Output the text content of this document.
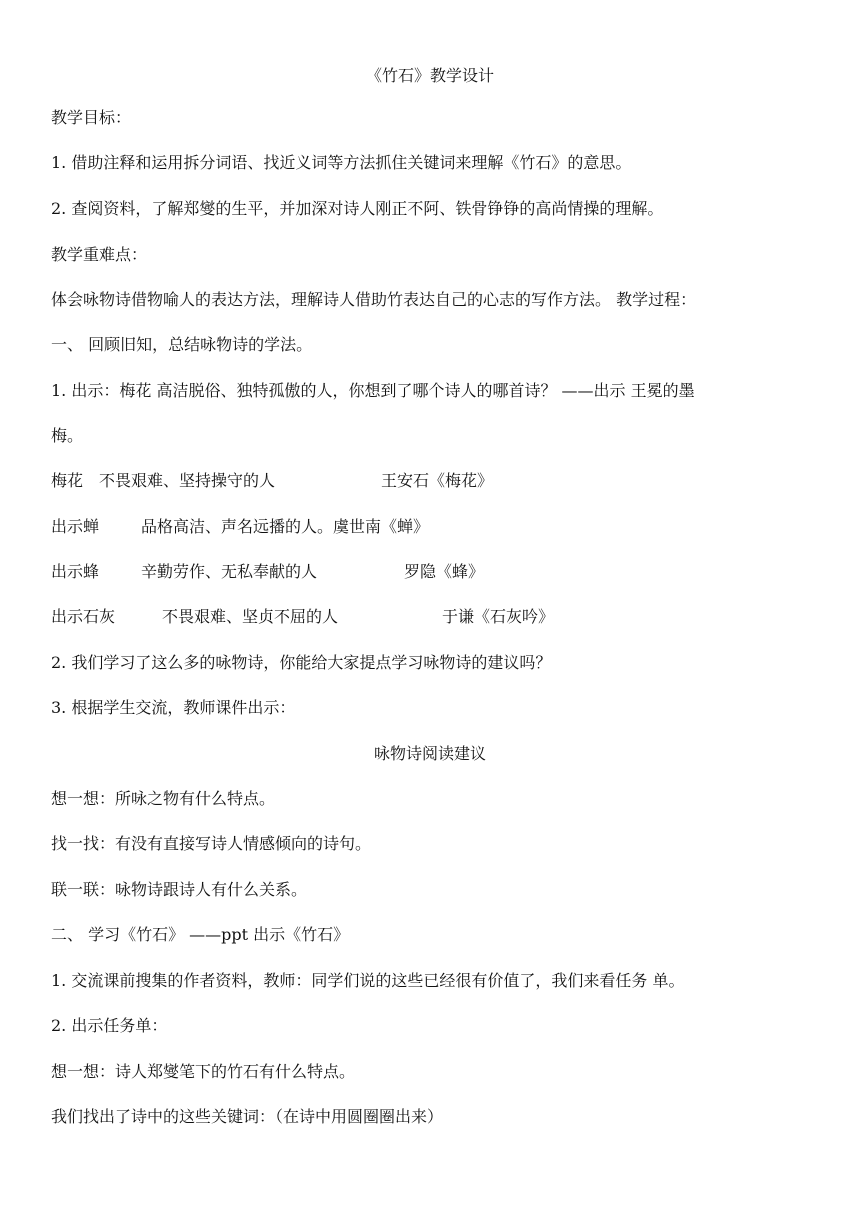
《竹石》教学设计
教学目标：
1. 借助注释和运用拆分词语、找近义词等方法抓住关键词来理解《竹石》的意思。
2. 查阅资料，了解郑燮的生平，并加深对诗人刚正不阿、铁骨铮铮的高尚情操的理解。
教学重难点：
体会咏物诗借物喻人的表达方法，理解诗人借助竹表达自己的心志的写作方法。 教学过程：
一、 回顾旧知，总结咏物诗的学法。
1. 出示：梅花 高洁脱俗、独特孤傲的人，你想到了哪个诗人的哪首诗？ ——出示 王冕的墨
梅。
梅花 不畏艰难、坚持操守的人	王安石《梅花》
出示蝉	品格高洁、声名远播的人。虞世南《蝉》
出示蜂	辛勤劳作、无私奉献的人	罗隐《蜂》
出示石灰	不畏艰难、坚贞不屈的人	于谦《石灰吟》
2. 我们学习了这么多的咏物诗，你能给大家提点学习咏物诗的建议吗？
3. 根据学生交流，教师课件出示：
咏物诗阅读建议
想一想：所咏之物有什么特点。
找一找：有没有直接写诗人情感倾向的诗句。
联一联：咏物诗跟诗人有什么关系。
二、 学习《竹石》 ——ppt 出示《竹石》
1. 交流课前搜集的作者资料，教师：同学们说的这些已经很有价值了，我们来看任务 单。
2. 出示任务单：
想一想：诗人郑燮笔下的竹石有什么特点。
我们找出了诗中的这些关键词：（在诗中用圆圈圈出来）
